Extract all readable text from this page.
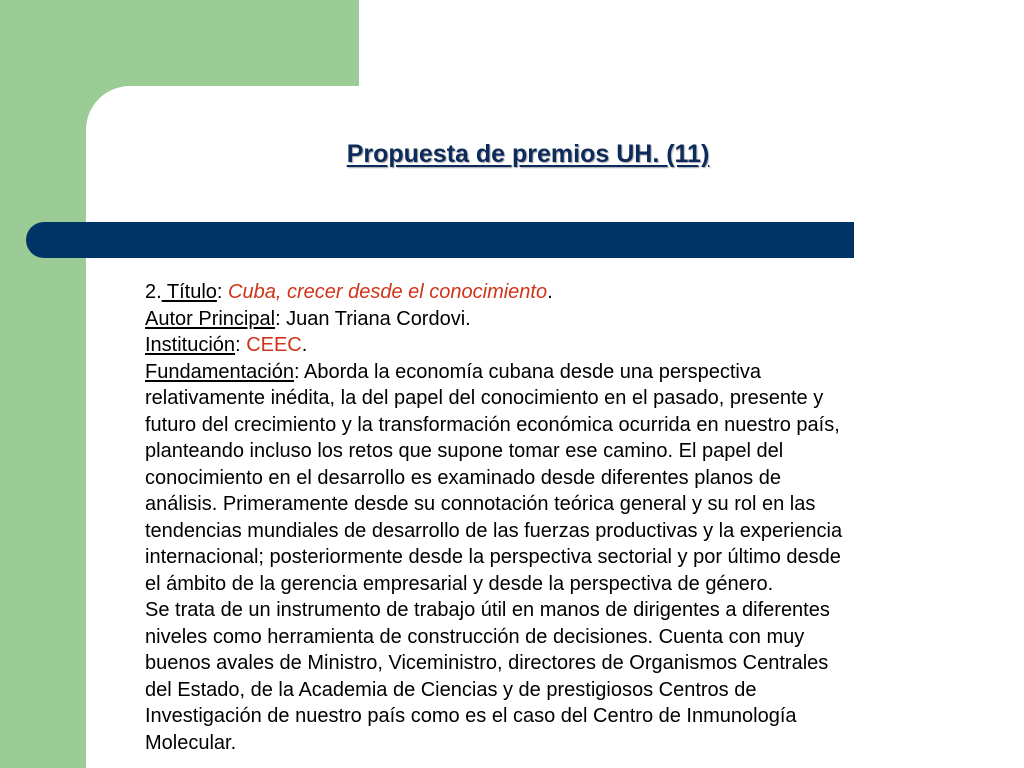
Propuesta de premios UH. (11)
2. Título: Cuba, crecer desde el conocimiento.
Autor Principal: Juan Triana Cordovi.
Institución: CEEC.
Fundamentación: Aborda la economía cubana desde una perspectiva
relativamente inédita, la del papel del conocimiento en el pasado, presente y
futuro del crecimiento y la transformación económica ocurrida en nuestro país,
planteando incluso los retos que supone tomar ese camino. El papel del
conocimiento en el desarrollo es examinado desde diferentes planos de
análisis. Primeramente desde su connotación teórica general y su rol en las
tendencias mundiales de desarrollo de las fuerzas productivas y la experiencia
internacional; posteriormente desde la perspectiva sectorial y por último desde
el ámbito de la gerencia empresarial y desde la perspectiva de género.
Se trata de un instrumento de trabajo útil en manos de dirigentes a diferentes
niveles como herramienta de construcción de decisiones. Cuenta con muy
buenos avales de Ministro, Viceministro, directores de Organismos Centrales
del Estado, de la Academia de Ciencias y de prestigiosos Centros de
Investigación de nuestro país como es el caso del Centro de Inmunología
Molecular.
